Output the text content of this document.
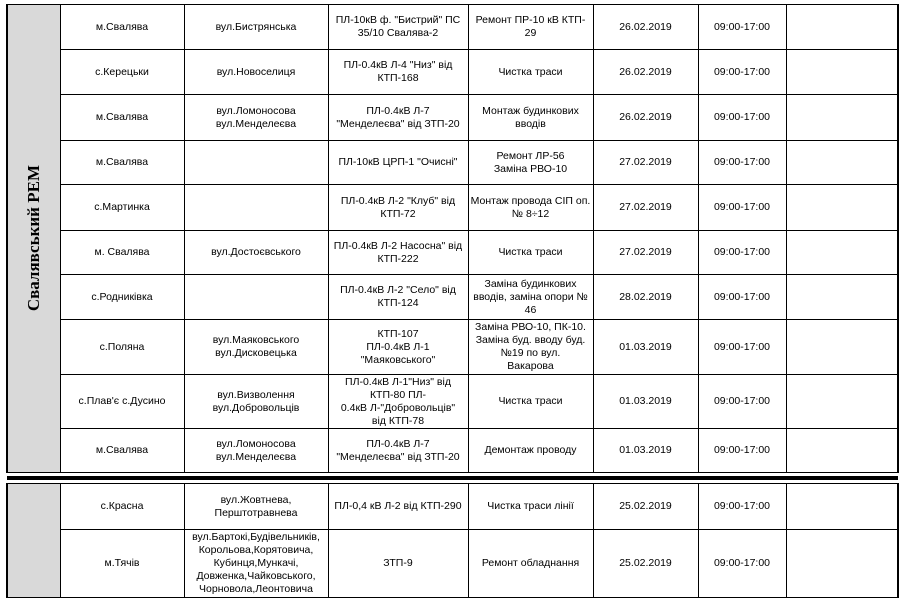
Свалявський РЕМ	м.Свалява	вул.Бистрянська	ПЛ-10кВ ф. "Бистрий" ПС
35/10 Свалява-2	Ремонт ПР-10 кВ КТП-
29	26.02.2019	09:00-17:00	
	с.Керецьки	вул.Новоселиця	ПЛ-0.4кВ Л-4 "Низ" від
КТП-168	Чистка траси	26.02.2019	09:00-17:00	
	м.Свалява	вул.Ломоносова
вул.Менделеєва	ПЛ-0.4кВ Л-7
"Менделеєва" від ЗТП-20	Монтаж будинкових
вводів	26.02.2019	09:00-17:00	
	м.Свалява		ПЛ-10кВ ЦРП-1 "Очисні"	Ремонт ЛР-56
Заміна РВО-10	27.02.2019	09:00-17:00	
	с.Мартинка		ПЛ-0.4кВ Л-2 "Клуб" від
КТП-72	Монтаж провода СІП оп.
№ 8÷12	27.02.2019	09:00-17:00	
	м. Свалява	вул.Достоєвського	ПЛ-0.4кВ Л-2 Насосна" від
КТП-222	Чистка траси	27.02.2019	09:00-17:00	
	с.Родниківка		ПЛ-0.4кВ Л-2 "Село" від
КТП-124	Заміна будинкових
вводів, заміна опори №
46	28.02.2019	09:00-17:00	
	с.Поляна	вул.Маяковського
вул.Дисковецька	КТП-107
ПЛ-0.4кВ Л-1
"Маяковського"	Заміна РВО-10, ПК-10.
Заміна буд. вводу буд.
№19 по вул.
Вакарова	01.03.2019	09:00-17:00	
	с.Плав'є с.Дусино	вул.Визволення
вул.Добровольців	ПЛ-0.4кВ Л-1"Низ" від
КТП-80 ПЛ-
0.4кВ Л-"Добровольців"
від КТП-78	Чистка траси	01.03.2019	09:00-17:00	
	м.Свалява	вул.Ломоносова
вул.Менделеєва	ПЛ-0.4кВ Л-7
"Менделеєва" від ЗТП-20	Демонтаж проводу	01.03.2019	09:00-17:00	

	с.Красна	вул.Жовтнева,
Перштотравнева	ПЛ-0,4 кВ Л-2 від КТП-290	Чистка траси лінії	25.02.2019	09:00-17:00	
	м.Тячів	вул.Бартокі,Будівельників,
Корольова,Корятовича,
Кубинця,Мункачі,
Довженка,Чайковського,
Чорновола,Леонтовича	ЗТП-9	Ремонт обладнання	25.02.2019	09:00-17:00	
